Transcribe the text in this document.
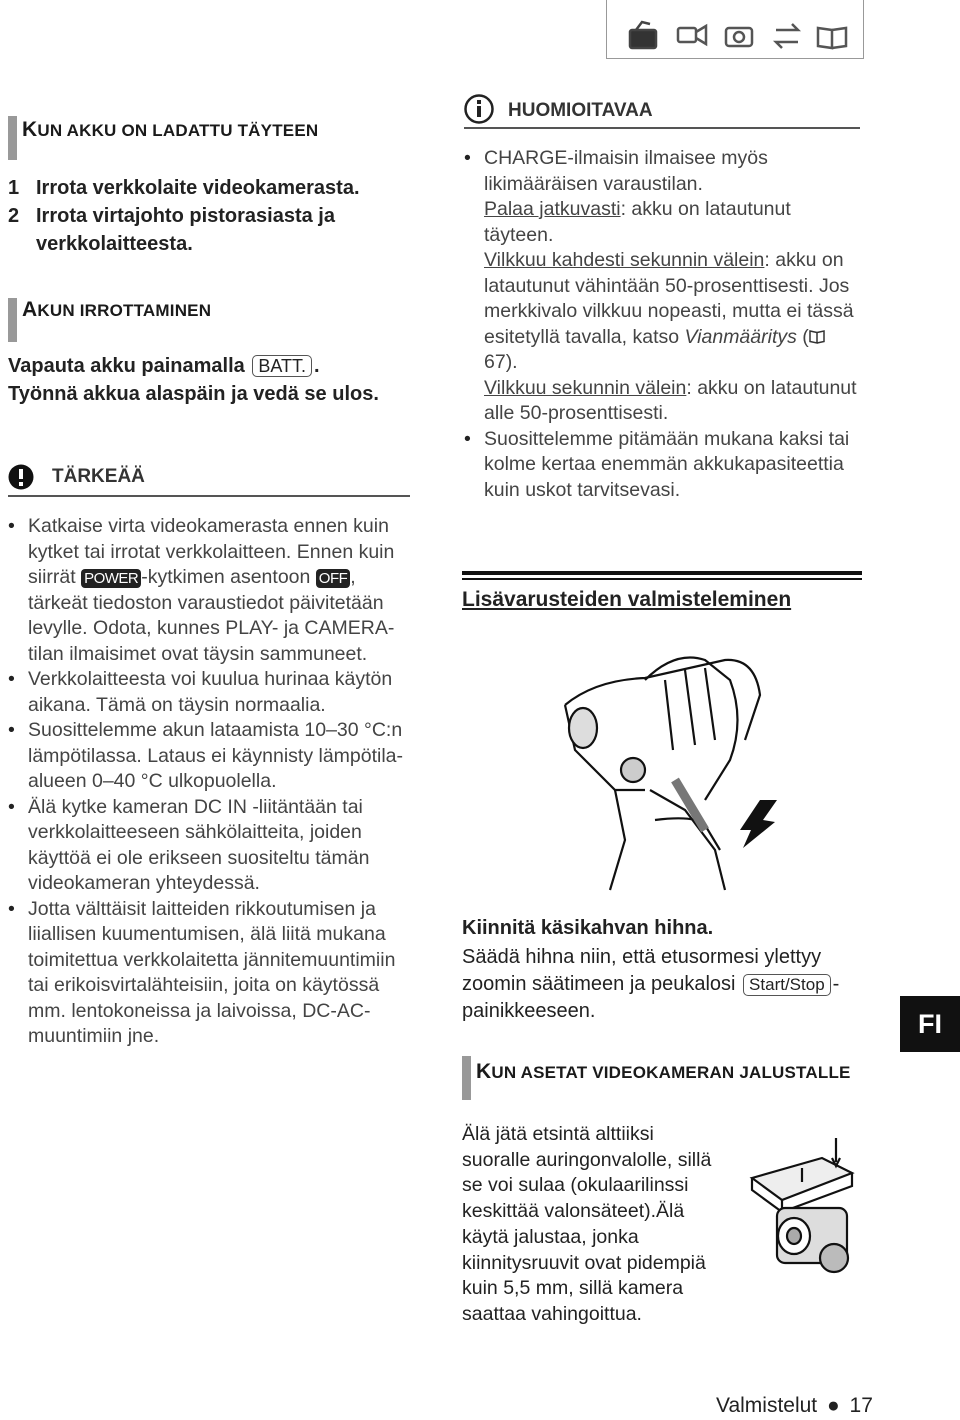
KUN AKKU ON LADATTU TÄYTEEN
1 Irrota verkkolaite videokamerasta.
2 Irrota virtajohto pistorasiasta ja verkkolaitteesta.
AKUN IRROTTAMINEN
Vapauta akku painamalla BATT. . Työnnä akkua alaspäin ja vedä se ulos.
TÄRKEÄÄ
• Katkaise virta videokamerasta ennen kuin kytket tai irrotat verkkolaitteen. Ennen kuin siirrät POWER -kytkimen asentoon OFF , tärkeät tiedoston varaustiedot päivitetään levylle. Odota, kunnes PLAY- ja CAMERA-tilan ilmaisimet ovat täysin sammuneet.
• Verkkolaitteesta voi kuulua hurinaa käytön aikana. Tämä on täysin normaalia.
• Suosittelemme akun lataamista 10–30 °C:n lämpötilassa. Lataus ei käynnisty lämpötila-alueen 0–40 °C ulkopuolella.
• Älä kytke kameran DC IN -liitäntään tai verkkolaitteeseen sähkölaitteita, joiden käyttöä ei ole erikseen suositeltu tämän videokameran yhteydessä.
• Jotta välttäisit laitteiden rikkoutumisen ja liiallisen kuumentumisen, älä liitä mukana toimitettua verkkolaitetta jännitemuuntimiin tai erikoisvirtalähteisiin, joita on käytössä mm. lentokoneissa ja laivoissa, DC-AC-muuntimiin jne.
HUOMIOITAVAA
• CHARGE-ilmaisin ilmaisee myös likimääräisen varaustilan.
Palaa jatkuvasti: akku on latautunut täyteen.
Vilkkuu kahdesti sekunnin välein: akku on latautunut vähintään 50-prosenttisesti. Jos merkkivalo vilkkuu nopeasti, mutta ei tässä esitetyllä tavalla, katso Vianmääritys ( 67).
Vilkkuu sekunnin välein: akku on latautunut alle 50-prosenttisesti.
• Suosittelemme pitämään mukana kaksi tai kolme kertaa enemmän akkukapasiteettia kuin uskot tarvitsevasi.
Lisävarusteiden valmisteleminen
Kiinnitä käsikahvan hihna.
Säädä hihna niin, että etusormesi ylettyy zoomin säätimeen ja peukalosi Start/Stop -painikkeeseen.
KUN ASETAT VIDEOKAMERAN JALUSTALLE
Älä jätä etsintä alttiiksi suoralle auringonvalolle, sillä se voi sulaa (okulaarilinssi keskittää valonsäteet).Älä käytä jalustaa, jonka kiinnitysruuvit ovat pidempiä kuin 5,5 mm, sillä kamera saattaa vahingoittua.
FI
Valmistelut ● 17
